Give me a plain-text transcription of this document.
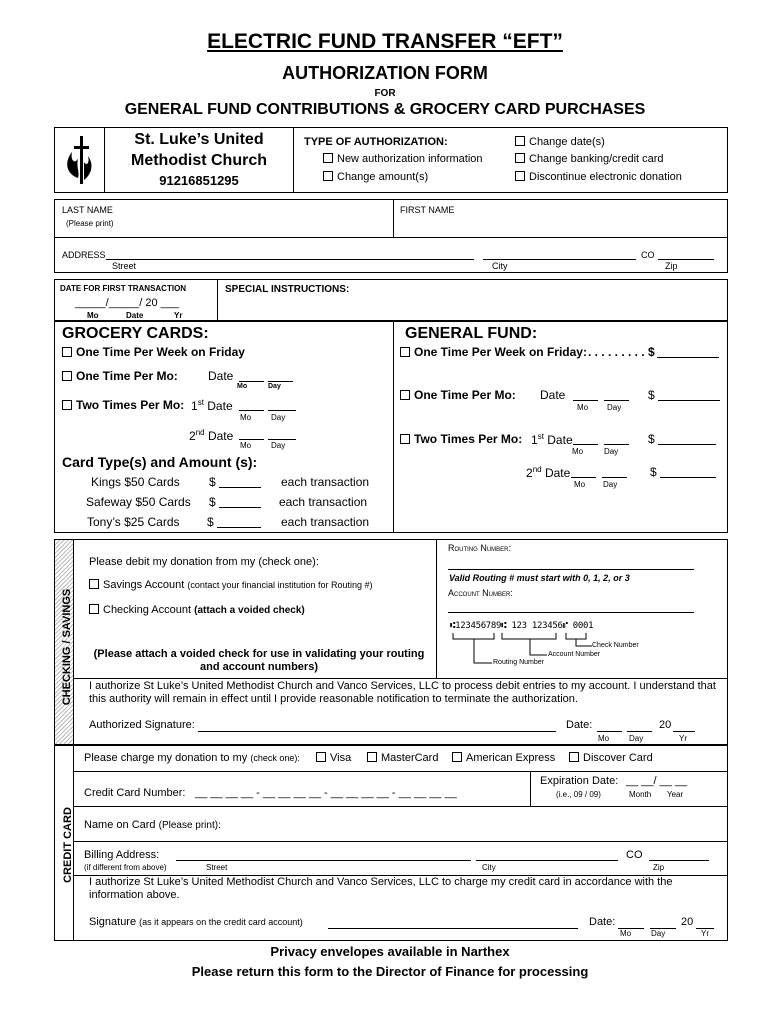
ELECTRIC FUND TRANSFER “EFT”
AUTHORIZATION FORM
FOR
GENERAL FUND CONTRIBUTIONS & GROCERY CARD PURCHASES
St. Luke’s United
Methodist Church
91216851295
TYPE OF AUTHORIZATION:
New authorization information
Change amount(s)
Change date(s)
Change banking/credit card
Discontinue electronic donation
LAST NAME
(Please print)
FIRST NAME
ADDRESS	CO
Street	City	Zip
DATE FOR FIRST TRANSACTION
_____/_____/ 20 ___
Mo	Date	Yr
SPECIAL INSTRUCTIONS:
GROCERY CARDS:
One Time Per Week on Friday
One Time Per Mo:	Date
Mo	Day
Two Times Per Mo: 1st Date
Mo Day
2nd Date
Mo Day
Card Type(s) and Amount (s):
Kings $50 Cards $	each transaction
Safeway $50 Cards $	each transaction
Tony’s $25 Cards $	each transaction
GENERAL FUND:
One Time Per Week on Friday: . . . . . . . . . $
One Time Per Mo: Date	$
Mo Day
Two Times Per Mo: 1st Date	$
Mo	Day
2nd Date	$
Mo Day
CHECKING / SAVINGS
Please debit my donation from my (check one):
Savings Account (contact your financial institution for Routing #)
Checking Account (attach a voided check)
(Please attach a voided check for use in validating your routing
and account numbers)
Routing Number:
Valid Routing # must start with 0, 1, 2, or 3
Account Number:
⑆123456789⑆ 123 123456⑈ 0001
Check Number
Account Number
Routing Number
I authorize St Luke’s United Methodist Church and Vanco Services, LLC to process debit entries to my account. I understand that this authority will remain in effect until I provide reasonable notification to terminate the authorization.
Authorized Signature:	Date:	20
Mo Day	Yr
CREDIT CARD
Please charge my donation to my (check one):	Visa	MasterCard	American Express	Discover Card
Credit Card Number: __ __ __ __ - __ __ __ __ - __ __ __ __ - __ __ __ __
Expiration Date: __ __/ __ __
(i.e., 09 / 09)	Month Year
Name on Card (Please print):
Billing Address:	CO
(if different from above)	Street	City	Zip
I authorize St Luke’s United Methodist Church and Vanco Services, LLC to charge my credit card in accordance with the information above.
Signature (as it appears on the credit card account)	Date:	20
Mo Day	Yr
Privacy envelopes available in Narthex
Please return this form to the Director of Finance for processing
